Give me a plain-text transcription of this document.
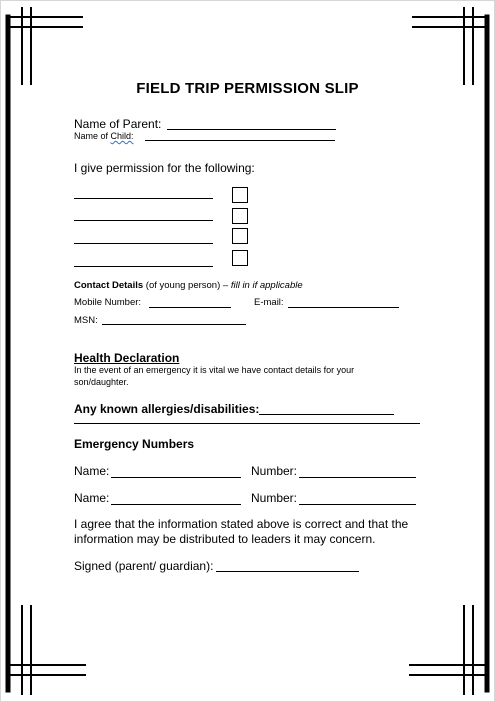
FIELD TRIP PERMISSION SLIP
Name of Parent:
Name of Child:
I give permission for the following:
Contact Details (of young person) – fill in if applicable
Mobile Number:	E-mail:
MSN:
Health Declaration
In the event of an emergency it is vital we have contact details for your
son/daughter.
Any known allergies/disabilities:
Emergency Numbers
Name:	Number:
Name:	Number:
I agree that the information stated above is correct and that the
information may be distributed to leaders it may concern.
Signed (parent/ guardian):
